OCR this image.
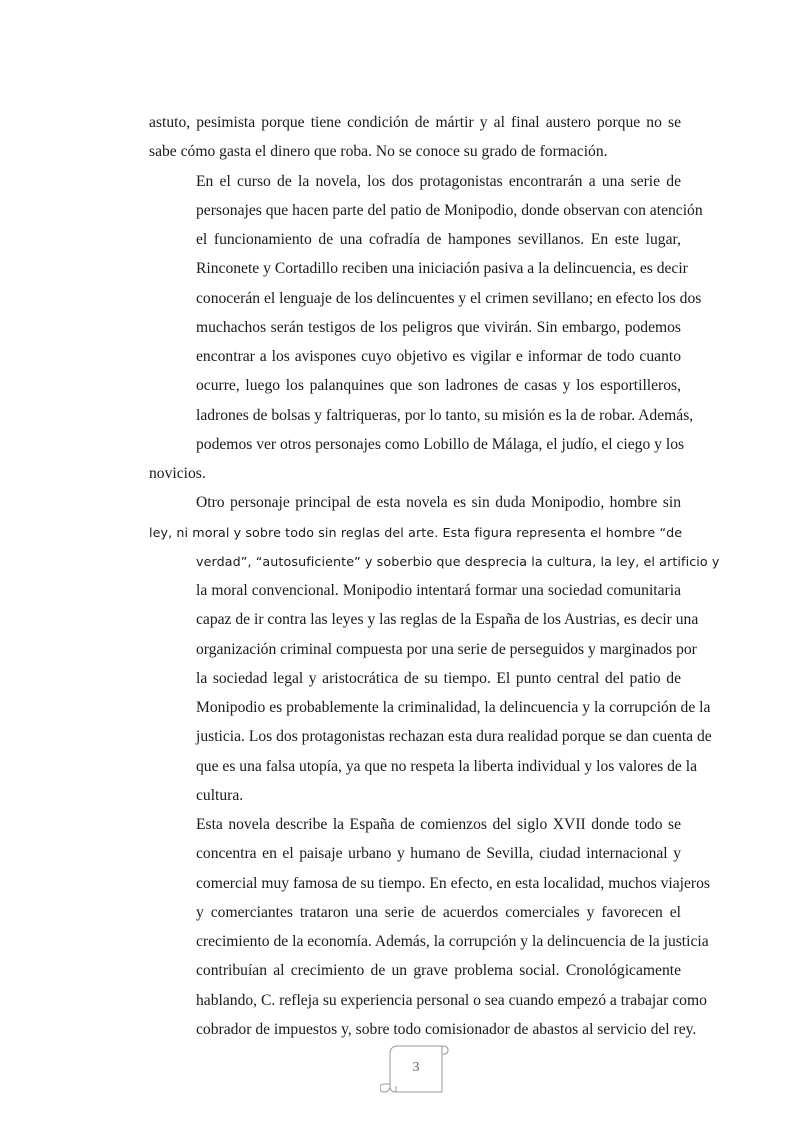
astuto, pesimista porque tiene condición de mártir y al final austero porque no se
sabe cómo gasta el dinero que roba. No se conoce su grado de formación.

En el curso de la novela, los dos protagonistas encontrarán a una serie de
personajes que hacen parte del patio de Monipodio, donde observan con atención
el funcionamiento de una cofradía de hampones sevillanos. En este lugar,
Rinconete y Cortadillo reciben una iniciación pasiva a la delincuencia, es decir
conocerán el lenguaje de los delincuentes y el crimen sevillano; en efecto los dos
muchachos serán testigos de los peligros que vivirán. Sin embargo, podemos
encontrar a los avispones cuyo objetivo es vigilar e informar de todo cuanto
ocurre, luego los palanquines que son ladrones de casas y los esportilleros,
ladrones de bolsas y faltriqueras, por lo tanto, su misión es la de robar. Además,
podemos ver otros personajes como Lobillo de Málaga, el judío, el ciego y los
novicios.

Otro personaje principal de esta novela es sin duda Monipodio, hombre sin
ley, ni moral y sobre todo sin reglas del arte. Esta figura representa el hombre “de
verdad”, “autosuficiente” y soberbio que desprecia la cultura, la ley, el artificio y
la moral convencional. Monipodio intentará formar una sociedad comunitaria
capaz de ir contra las leyes y las reglas de la España de los Austrias, es decir una
organización criminal compuesta por una serie de perseguidos y marginados por
la sociedad legal y aristocrática de su tiempo. El punto central del patio de
Monipodio es probablemente la criminalidad, la delincuencia y la corrupción de la
justicia. Los dos protagonistas rechazan esta dura realidad porque se dan cuenta de
que es una falsa utopía, ya que no respeta la liberta individual y los valores de la
cultura.

Esta novela describe la España de comienzos del siglo XVII donde todo se
concentra en el paisaje urbano y humano de Sevilla, ciudad internacional y
comercial muy famosa de su tiempo. En efecto, en esta localidad, muchos viajeros
y comerciantes trataron una serie de acuerdos comerciales y favorecen el
crecimiento de la economía. Además, la corrupción y la delincuencia de la justicia
contribuían al crecimiento de un grave problema social. Cronológicamente
hablando, C. refleja su experiencia personal o sea cuando empezó a trabajar como
cobrador de impuestos y, sobre todo comisionador de abastos al servicio del rey.

3
